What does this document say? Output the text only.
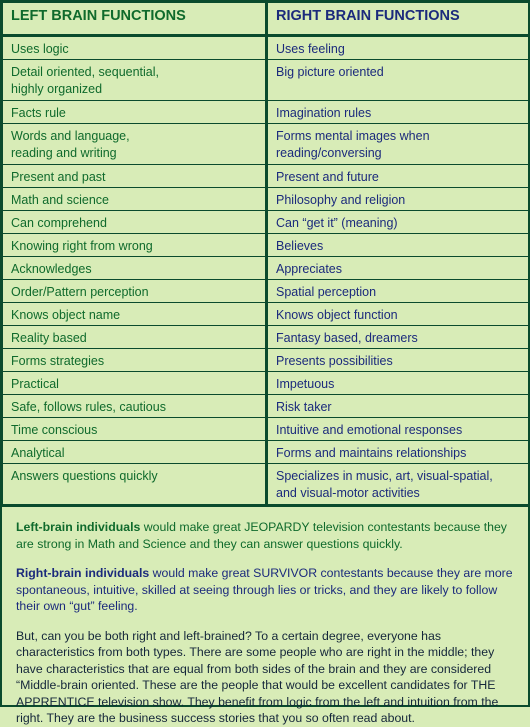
LEFT BRAIN FUNCTIONS	RIGHT BRAIN FUNCTIONS
Uses logic	Uses feeling
Detail oriented, sequential,
highly organized	Big picture oriented
Facts rule	Imagination rules
Words and language,
reading and writing	Forms mental images when
reading/conversing
Present and past	Present and future
Math and science	Philosophy and religion
Can comprehend	Can “get it” (meaning)
Knowing right from wrong	Believes
Acknowledges	Appreciates
Order/Pattern perception	Spatial perception
Knows object name	Knows object function
Reality based	Fantasy based, dreamers
Forms strategies	Presents possibilities
Practical	Impetuous
Safe, follows rules, cautious	Risk taker
Time conscious	Intuitive and emotional responses
Analytical	Forms and maintains relationships
Answers questions quickly	Specializes in music, art, visual-spatial,
and visual-motor activities

Left-brain individuals would make great JEOPARDY television contestants because they are strong in Math and Science and they can answer questions quickly.

Right-brain individuals would make great SURVIVOR contestants because they are more spontaneous, intuitive, skilled at seeing through lies or tricks, and they are likely to follow their own “gut” feeling.

But, can you be both right and left-brained? To a certain degree, everyone has characteristics from both types. There are some people who are right in the middle; they have characteristics that are equal from both sides of the brain and they are considered “Middle-brain oriented. These are the people that would be excellent candidates for THE APPRENTICE television show. They benefit from logic from the left and intuition from the right. They are the business success stories that you so often read about.
